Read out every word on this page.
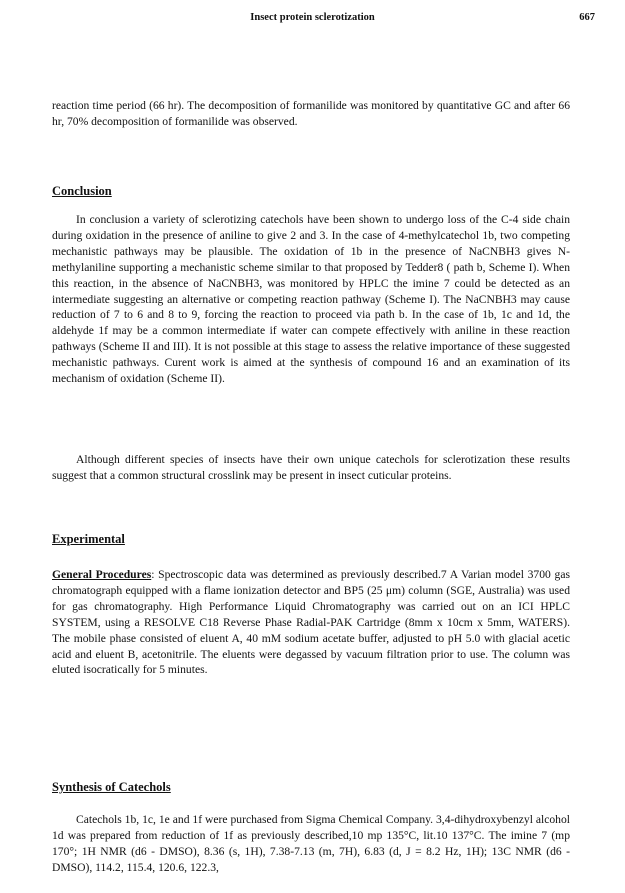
Insect protein sclerotization	667

reaction time period (66 hr). The decomposition of formanilide was monitored by quantitative GC and after 66 hr, 70% decomposition of formanilide was observed.

Conclusion

In conclusion a variety of sclerotizing catechols have been shown to undergo loss of the C-4 side chain during oxidation in the presence of aniline to give 2 and 3. In the case of 4-methylcatechol 1b, two competing mechanistic pathways may be plausible. The oxidation of 1b in the presence of NaCNBH3 gives N-methylaniline supporting a mechanistic scheme similar to that proposed by Tedder8 ( path b, Scheme I). When this reaction, in the absence of NaCNBH3, was monitored by HPLC the imine 7 could be detected as an intermediate suggesting an alternative or competing reaction pathway (Scheme I). The NaCNBH3 may cause reduction of 7 to 6 and 8 to 9, forcing the reaction to proceed via path b. In the case of 1b, 1c and 1d, the aldehyde 1f may be a common intermediate if water can compete effectively with aniline in these reaction pathways (Scheme II and III). It is not possible at this stage to assess the relative importance of these suggested mechanistic pathways. Curent work is aimed at the synthesis of compound 16 and an examination of its mechanism of oxidation (Scheme II).

Although different species of insects have their own unique catechols for sclerotization these results suggest that a common structural crosslink may be present in insect cuticular proteins.

Experimental

General Procedures: Spectroscopic data was determined as previously described.7 A Varian model 3700 gas chromatograph equipped with a flame ionization detector and BP5 (25 μm) column (SGE, Australia) was used for gas chromatography. High Performance Liquid Chromatography was carried out on an ICI HPLC SYSTEM, using a RESOLVE C18 Reverse Phase Radial-PAK Cartridge (8mm x 10cm x 5mm, WATERS). The mobile phase consisted of eluent A, 40 mM sodium acetate buffer, adjusted to pH 5.0 with glacial acetic acid and eluent B, acetonitrile. The eluents were degassed by vacuum filtration prior to use. The column was eluted isocratically for 5 minutes.

Synthesis of Catechols

Catechols 1b, 1c, 1e and 1f were purchased from Sigma Chemical Company. 3,4-dihydroxybenzyl alcohol 1d was prepared from reduction of 1f as previously described,10 mp 135°C, lit.10 137°C. The imine 7 (mp 170°; 1H NMR (d6 - DMSO), 8.36 (s, 1H), 7.38-7.13 (m, 7H), 6.83 (d, J = 8.2 Hz, 1H); 13C NMR (d6 - DMSO), 114.2, 115.4, 120.6, 122.3,
